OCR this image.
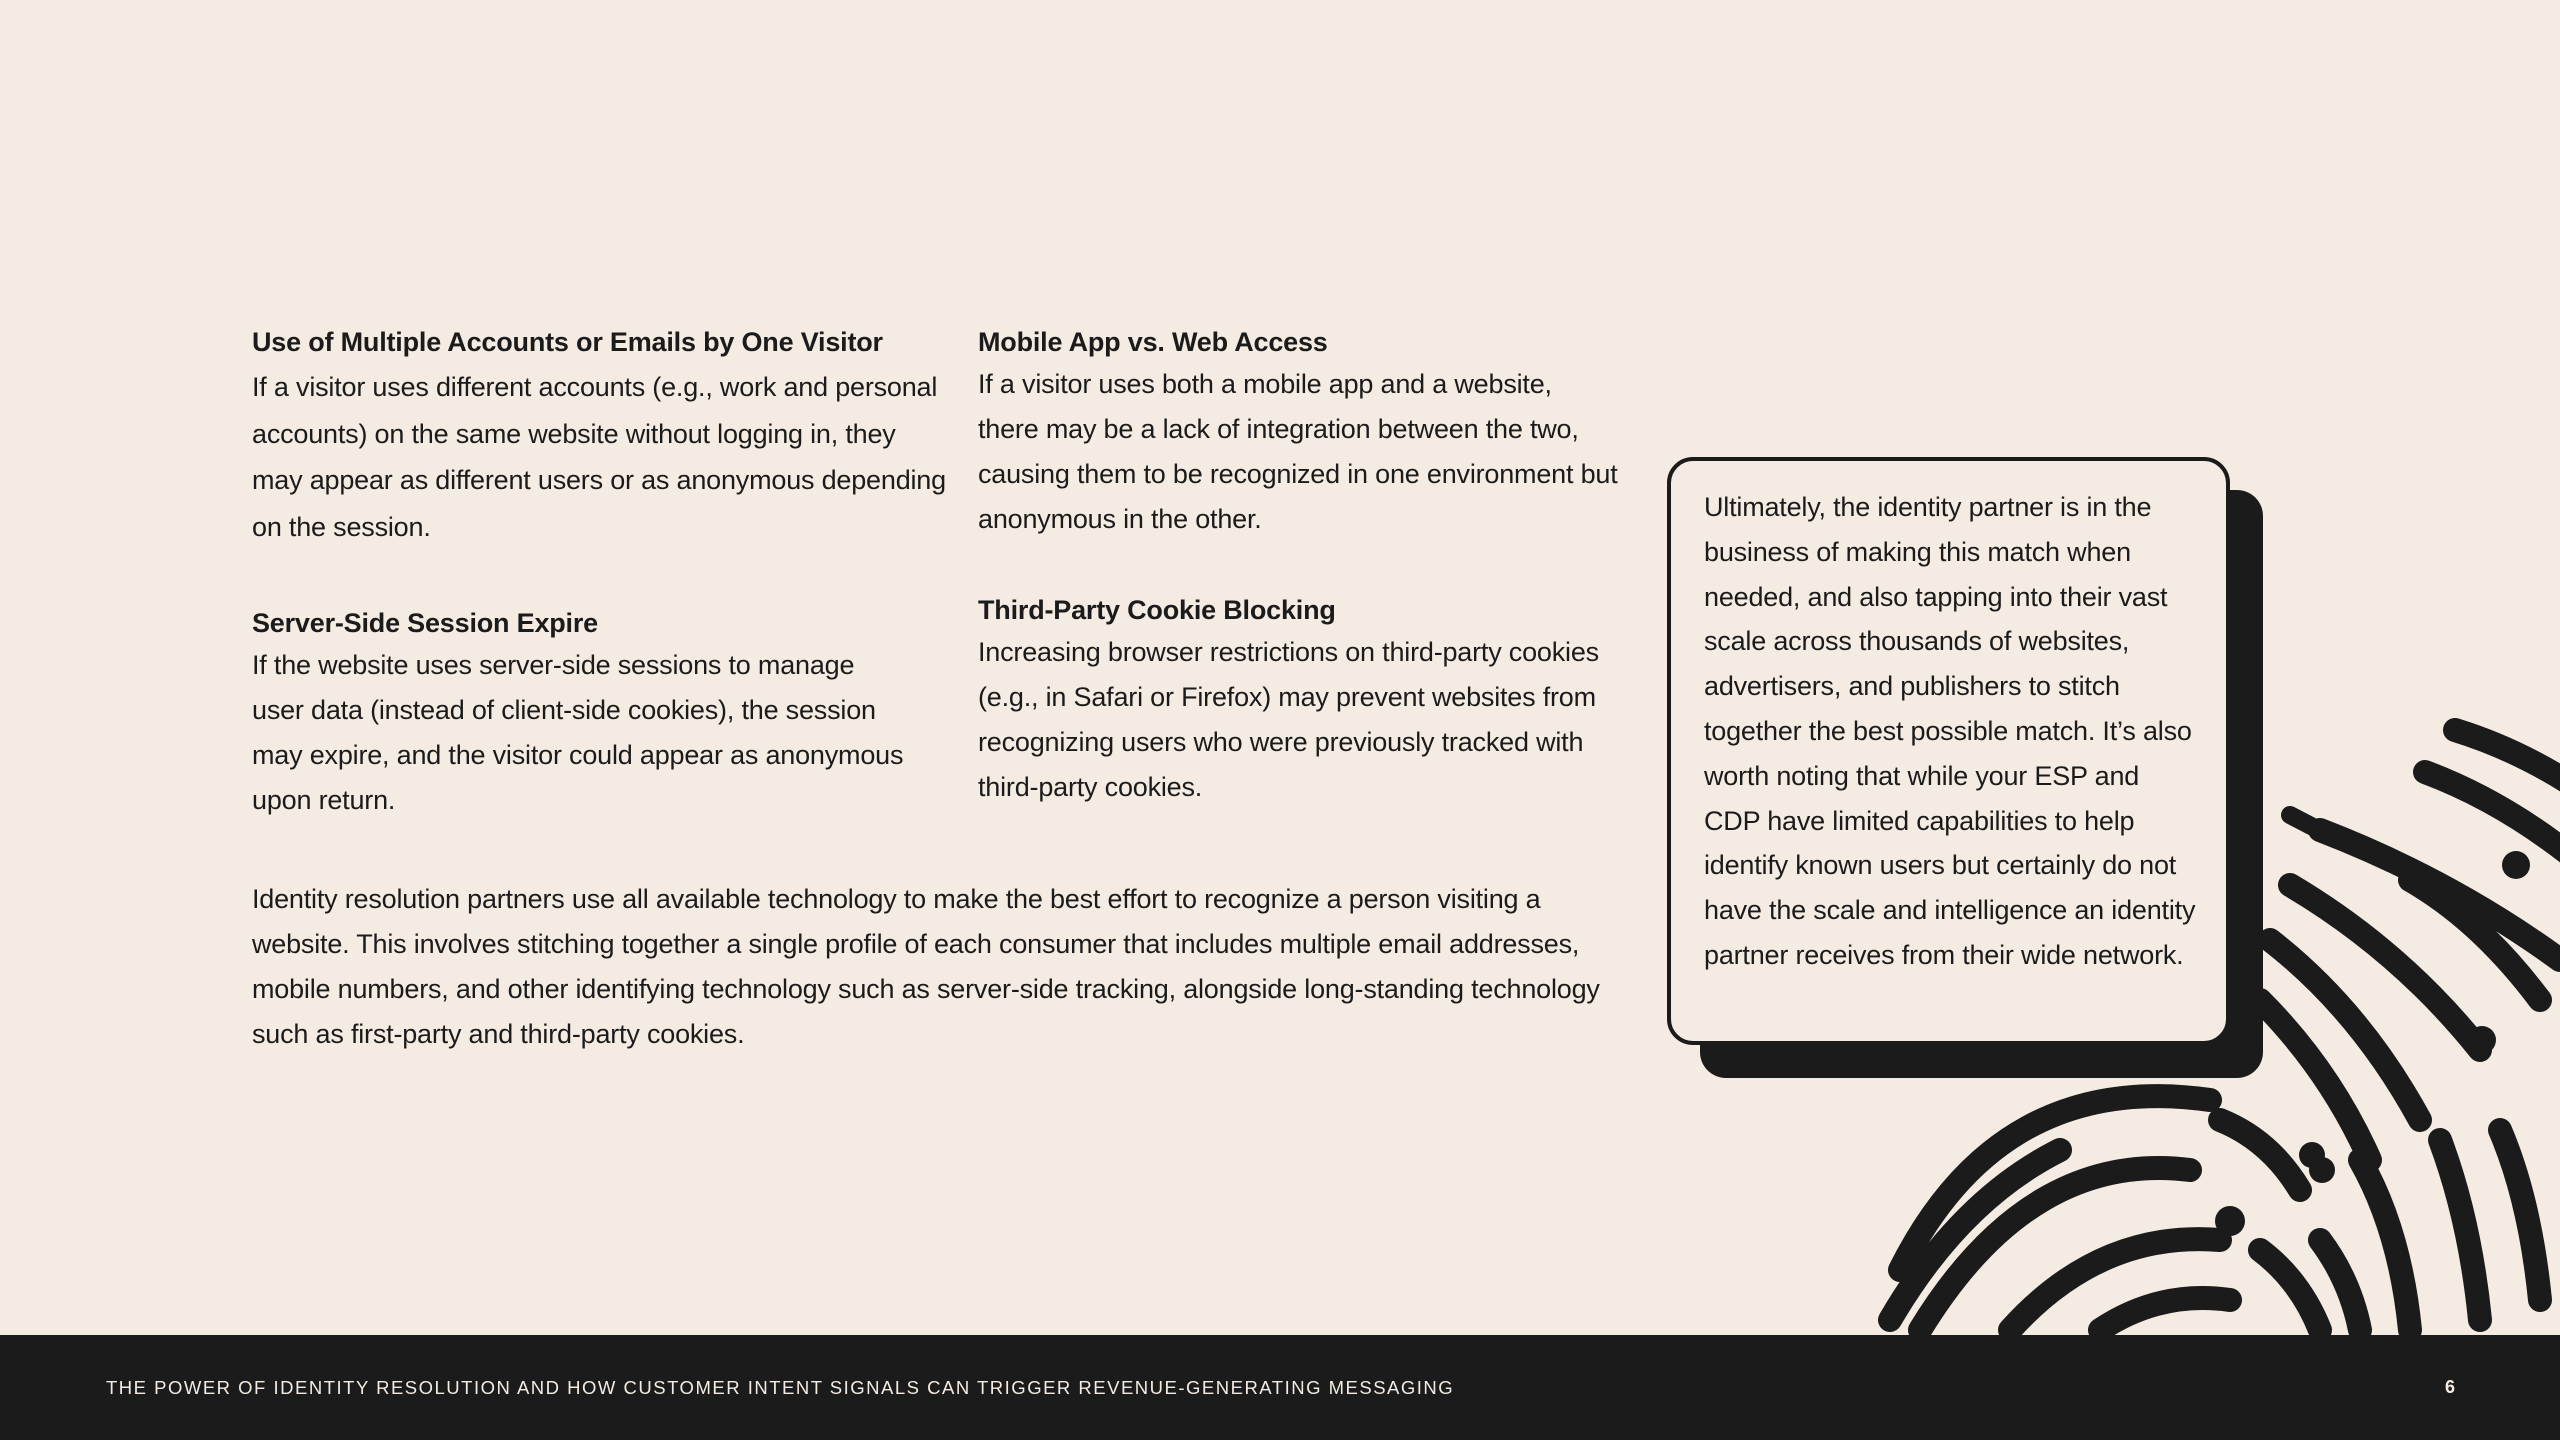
Use of Multiple Accounts or Emails by One Visitor

If a visitor uses different accounts (e.g., work and personal accounts) on the same website without logging in, they may appear as different users or as anonymous depending on the session.

Mobile App vs. Web Access

If a visitor uses both a mobile app and a website, there may be a lack of integration between the two, causing them to be recognized in one environment but anonymous in the other.

Server-Side Session Expire

If the website uses server-side sessions to manage user data (instead of client-side cookies), the session may expire, and the visitor could appear as anonymous upon return.

Third-Party Cookie Blocking

Increasing browser restrictions on third-party cookies (e.g., in Safari or Firefox) may prevent websites from recognizing users who were previously tracked with third-party cookies.

Identity resolution partners use all available technology to make the best effort to recognize a person visiting a website. This involves stitching together a single profile of each consumer that includes multiple email addresses, mobile numbers, and other identifying technology such as server-side tracking, alongside long-standing technology such as first-party and third-party cookies.

Ultimately, the identity partner is in the business of making this match when needed, and also tapping into their vast scale across thousands of websites, advertisers, and publishers to stitch together the best possible match. It’s also worth noting that while your ESP and CDP have limited capabilities to help identify known users but certainly do not have the scale and intelligence an identity partner receives from their wide network.

THE POWER OF IDENTITY RESOLUTION AND HOW CUSTOMER INTENT SIGNALS CAN TRIGGER REVENUE-GENERATING MESSAGING	6
